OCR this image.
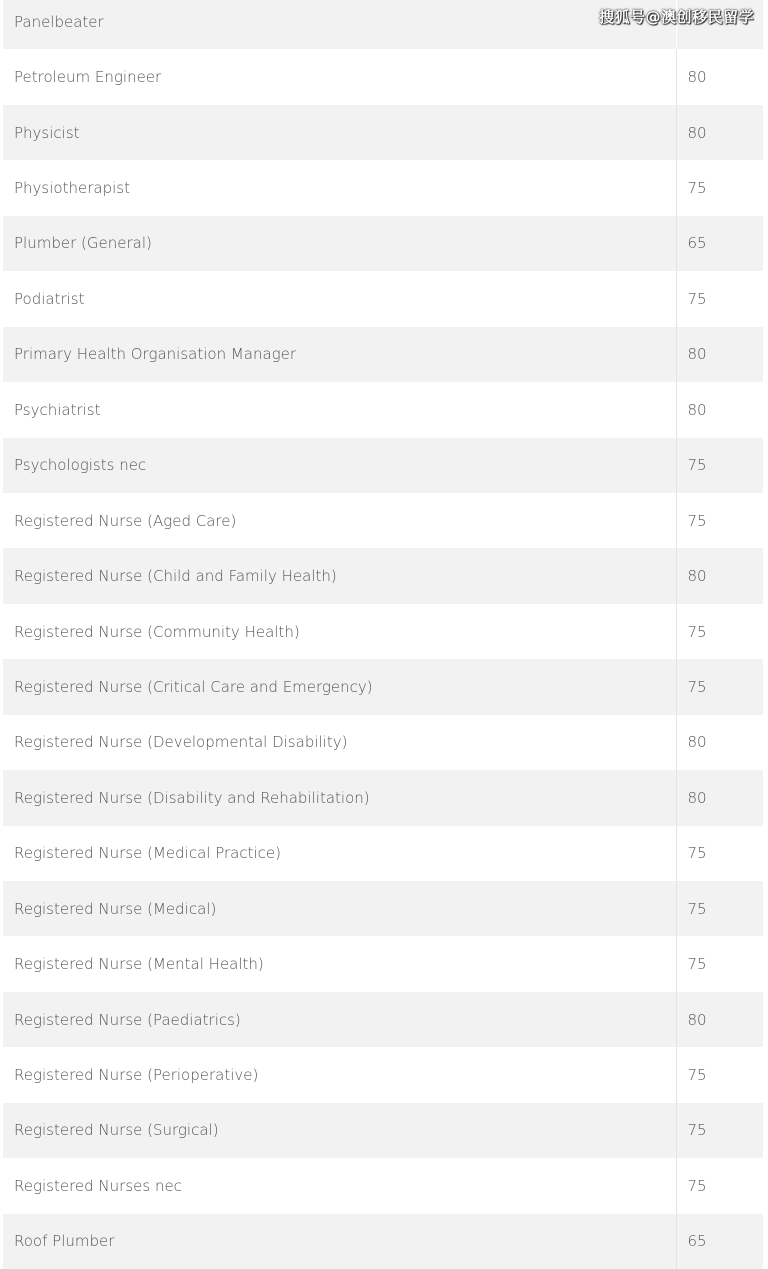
Panelbeater	
Petroleum Engineer	80
Physicist	80
Physiotherapist	75
Plumber (General)	65
Podiatrist	75
Primary Health Organisation Manager	80
Psychiatrist	80
Psychologists nec	75
Registered Nurse (Aged Care)	75
Registered Nurse (Child and Family Health)	80
Registered Nurse (Community Health)	75
Registered Nurse (Critical Care and Emergency)	75
Registered Nurse (Developmental Disability)	80
Registered Nurse (Disability and Rehabilitation)	80
Registered Nurse (Medical Practice)	75
Registered Nurse (Medical)	75
Registered Nurse (Mental Health)	75
Registered Nurse (Paediatrics)	80
Registered Nurse (Perioperative)	75
Registered Nurse (Surgical)	75
Registered Nurses nec	75
Roof Plumber	65
搜狐号@澳创移民留学
